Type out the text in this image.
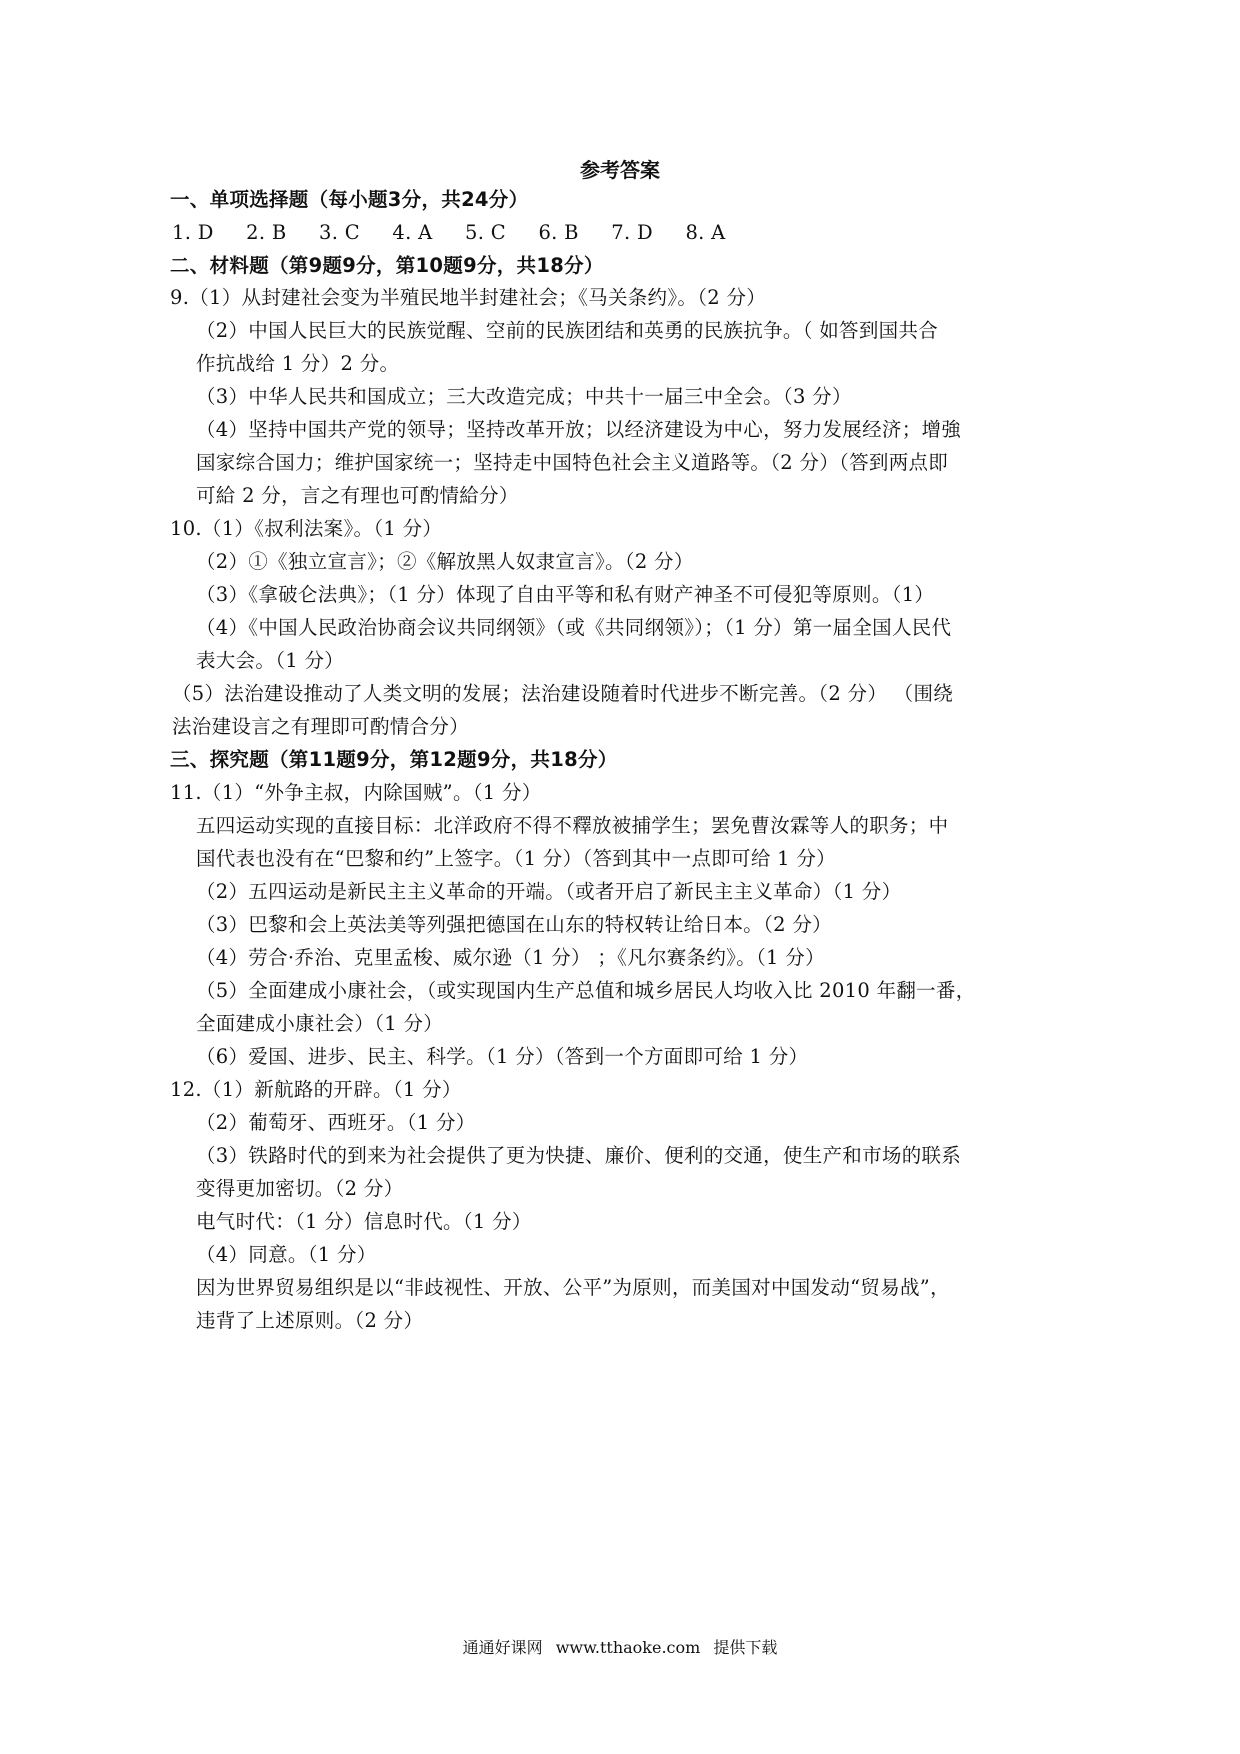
参考答案
一、单项选择题（每小题3分，共24分）
1. D 2. B 3. C 4. A 5. C 6. B 7. D 8. A
二、材料题（第9题9分，第10题9分，共18分）
9.（1）从封建社会变为半殖民地半封建社会；《马关条约》。（2 分）
（2）中国人民巨大的民族觉醒、空前的民族团结和英勇的民族抗争。（ 如答到国共合
作抗战给 1 分）2 分。
（3）中华人民共和国成立；三大改造完成；中共十一届三中全会。（3 分）
（4）坚持中国共产党的领导；坚持改革开放；以经济建设为中心，努力发展经济；增強
国家综合国力；维护国家统一；坚持走中国特色社会主义道路等。（2 分）（答到两点即
可給 2 分，言之有理也可酌情給分）
10.（1）《叔利法案》。（1 分）
（2）①《独立宣言》；②《解放黑人奴隶宣言》。（2 分）
（3）《拿破仑法典》；（1 分）体现了自由平等和私有财产神圣不可侵犯等原则。（1）
（4）《中国人民政治协商会议共同纲领》（或《共同纲领》）；（1 分）第一届全国人民代
表大会。（1 分）
（5）法治建设推动了人类文明的发展；法治建设随着时代进步不断完善。（2 分） （围绕
法治建设言之有理即可酌情合分）
三、探究题（第11题9分，第12题9分，共18分）
11.（1）“外争主叔，内除国贼”。（1 分）
五四运动实现的直接目标：北洋政府不得不釋放被捕学生；罢免曹汝霖等人的职务；中
国代表也没有在“巴黎和约”上签字。（1 分）（答到其中一点即可给 1 分）
（2）五四运动是新民主主义革命的开端。（或者开启了新民主主义革命）（1 分）
（3）巴黎和会上英法美等列强把德国在山东的特权转让给日本。（2 分）
（4）劳合·乔治、克里孟梭、威尔逊（1 分） ；《凡尔赛条约》。（1 分）
（5）全面建成小康社会，（或实现国内生产总值和城乡居民人均收入比 2010 年翻一番，
全面建成小康社会）（1 分）
（6）爱国、进步、民主、科学。（1 分）（答到一个方面即可给 1 分）
12.（1）新航路的开辟。（1 分）
（2）葡萄牙、西班牙。（1 分）
（3）铁路时代的到来为社会提供了更为快捷、廉价、便利的交通，使生产和市场的联系
变得更加密切。（2 分）
电气时代：（1 分）信息时代。（1 分）
（4）同意。（1 分）
因为世界贸易组织是以“非歧视性、开放、公平”为原则，而美国对中国发动“贸易战”，
违背了上述原则。（2 分）
通通好课网 www.tthaoke.com 提供下载
